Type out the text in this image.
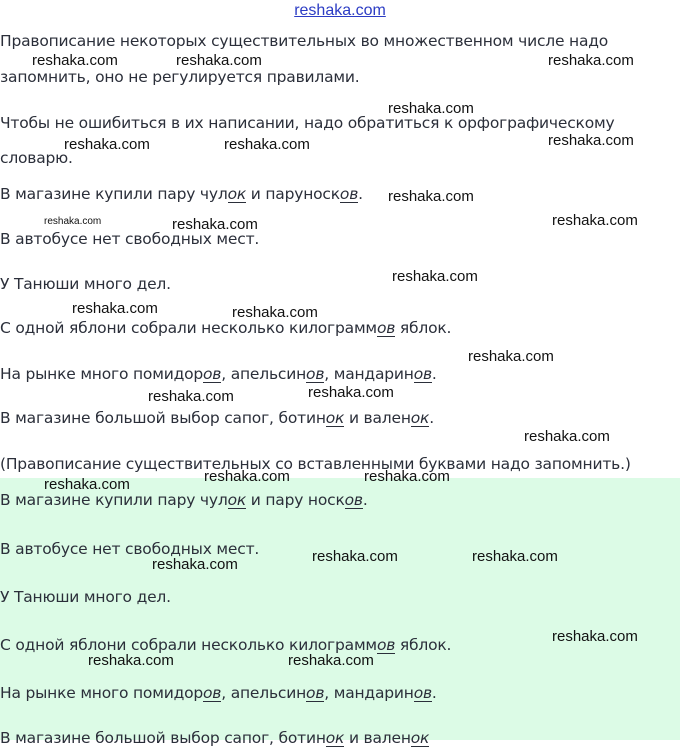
reshaka.com
Правописание некоторых существительных во множественном числе надо
запомнить, оно не регулируется правилами.
Чтобы не ошибиться в их написании, надо обратиться к орфографическому
словарю.
В магазине купили пару чулок и паруносков.
В автобусе нет свободных мест.
У Танюши много дел.
С одной яблони собрали несколько килограммов яблок.
На рынке много помидоров, апельсинов, мандаринов.
В магазине большой выбор сапог, ботинок и валенок.
(Правописание существительных со вставленными буквами надо запомнить.)
В магазине купили пару чулок и пару носков.
В автобусе нет свободных мест.
У Танюши много дел.
С одной яблони собрали несколько килограммов яблок.
На рынке много помидоров, апельсинов, мандаринов.
В магазине большой выбор сапог, ботинок и валенок
reshaka.com	reshaka.com	reshaka.com
reshaka.com
reshaka.com	reshaka.com	reshaka.com
reshaka.com
reshaka.com	reshaka.com	reshaka.com
reshaka.com
reshaka.com	reshaka.com
reshaka.com
reshaka.com	reshaka.com
reshaka.com
reshaka.com	reshaka.com
reshaka.com
reshaka.com	reshaka.com
reshaka.com
reshaka.com
reshaka.com	reshaka.com
